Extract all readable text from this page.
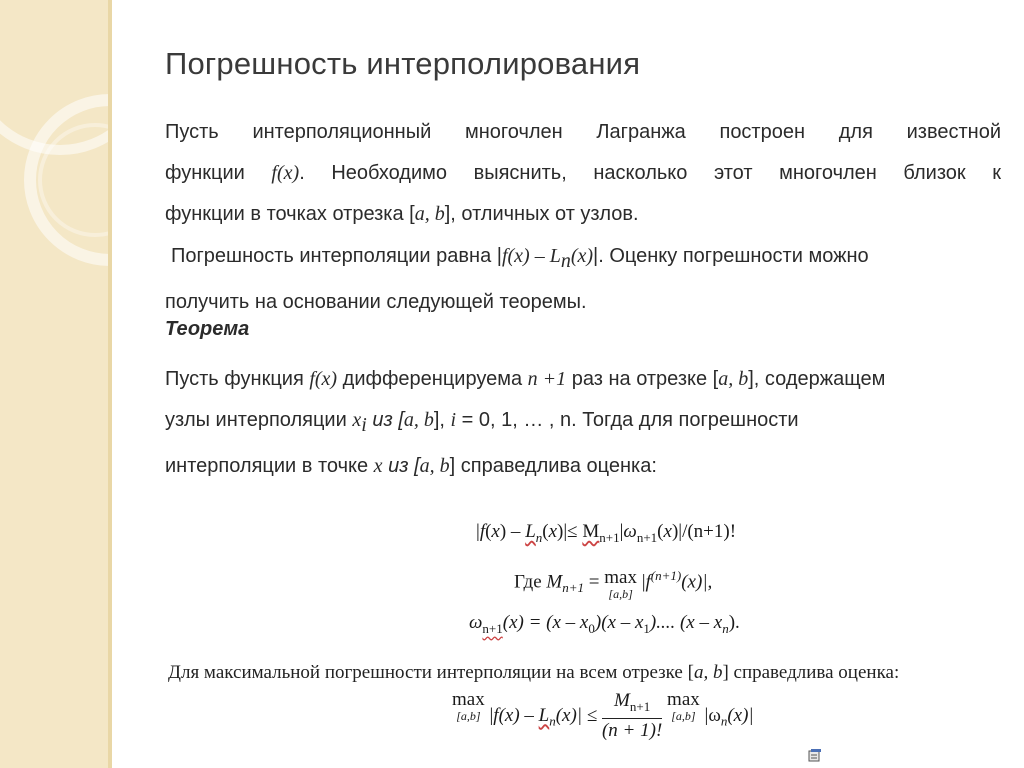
Погрешность интерполирования
Пусть интерполяционный многочлен Лагранжа построен для известной
функции f(x). Необходимо выяснить, насколько этот многочлен близок к
функции в точках отрезка [a, b], отличных от узлов.
Погрешность интерполяции равна $|f(x) - L_n(x)|$. Оценку погрешности можно
получить на основании следующей теоремы.
Теорема
Пусть функция f(x) дифференцируема n +1 раз на отрезке [a, b], содержащем
узлы интерполяции $x_i$ из [a, b], i = 0, 1, … , n. Тогда для погрешности
интерполяции в точке x из [a, b] справедлива оценка:
$|f(x) - L_n(x)|\le M_{n+1}|\omega_{n+1}(x)|/(n+1)$!
Где $M_{n+1} = \max$
[a,b]
$|f^{(n+1)}(x)|$,
$\omega_{n+1}(x) = (x - x_0)(x - x_1)$.... $(x - x_n)$.
Для максимальной погрешности интерполяции на всем отрезке [a, b] справедлива оценка:
max
[a,b] $|f(x) - L_n(x)| \le \frac{M_{n+1}}{(n + 1)!}$ max
[a,b] $|\omega_n(x)|$
